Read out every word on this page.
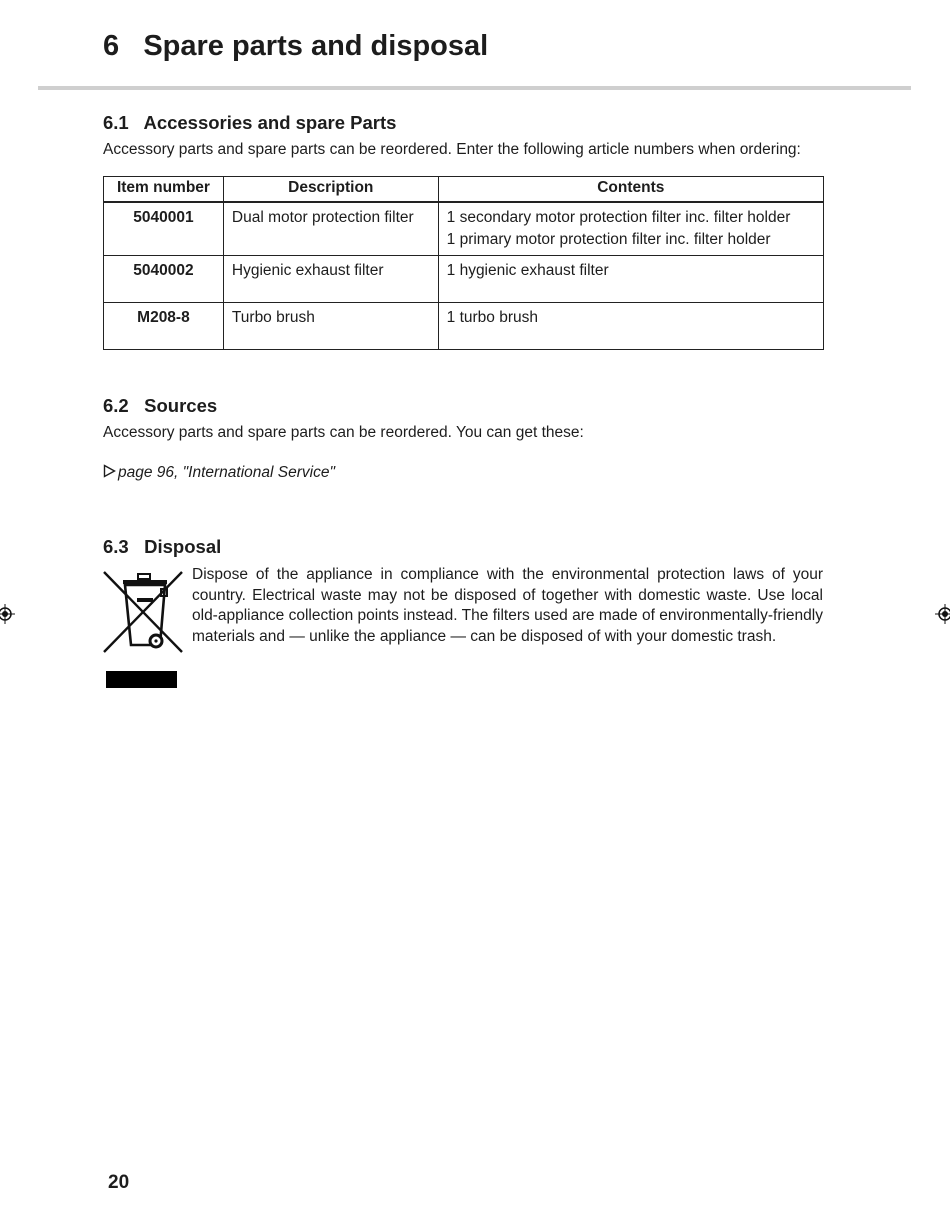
6 Spare parts and disposal
6.1 Accessories and spare Parts

Accessory parts and spare parts can be reordered. Enter the following article numbers when ordering:

Item number	Description	Contents
5040001	Dual motor protection filter	1 secondary motor protection filter inc. filter holder
1 primary motor protection filter inc. filter holder

5040002	Hygienic exhaust filter	1 hygienic exhaust filter

M208-8	Turbo brush	1 turbo brush
6.2 Sources

Accessory parts and spare parts can be reordered. You can get these:

page 96, "International Service"

6.3 Disposal

Dispose of the appliance in compliance with the environmental protection laws of your country. Electrical waste may not be disposed of together with domestic waste. Use local old-appliance collection points instead. The filters used are made of environmentally-friendly materials and — unlike the appliance — can be disposed of with your domestic trash.

20
